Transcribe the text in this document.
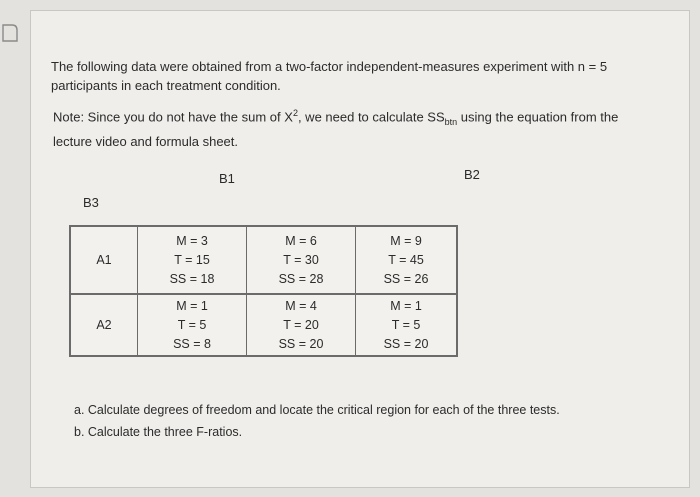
The following data were obtained from a two-factor independent-measures experiment with n = 5
participants in each treatment condition.
Note: Since you do not have the sum of $X^2$, we need to calculate $SS_{btn}$ using the equation from the
lecture video and formula sheet.
B1	B2
B3
A1	M = 3
T = 15
SS = 18	M = 6
T = 30
SS = 28	M = 9
T = 45
SS = 26

A2	M = 1
T = 5
SS = 8	M = 4
T = 20
SS = 20	M = 1
T = 5
SS = 20
a. Calculate degrees of freedom and locate the critical region for each of the three tests.
b. Calculate the three F-ratios.
